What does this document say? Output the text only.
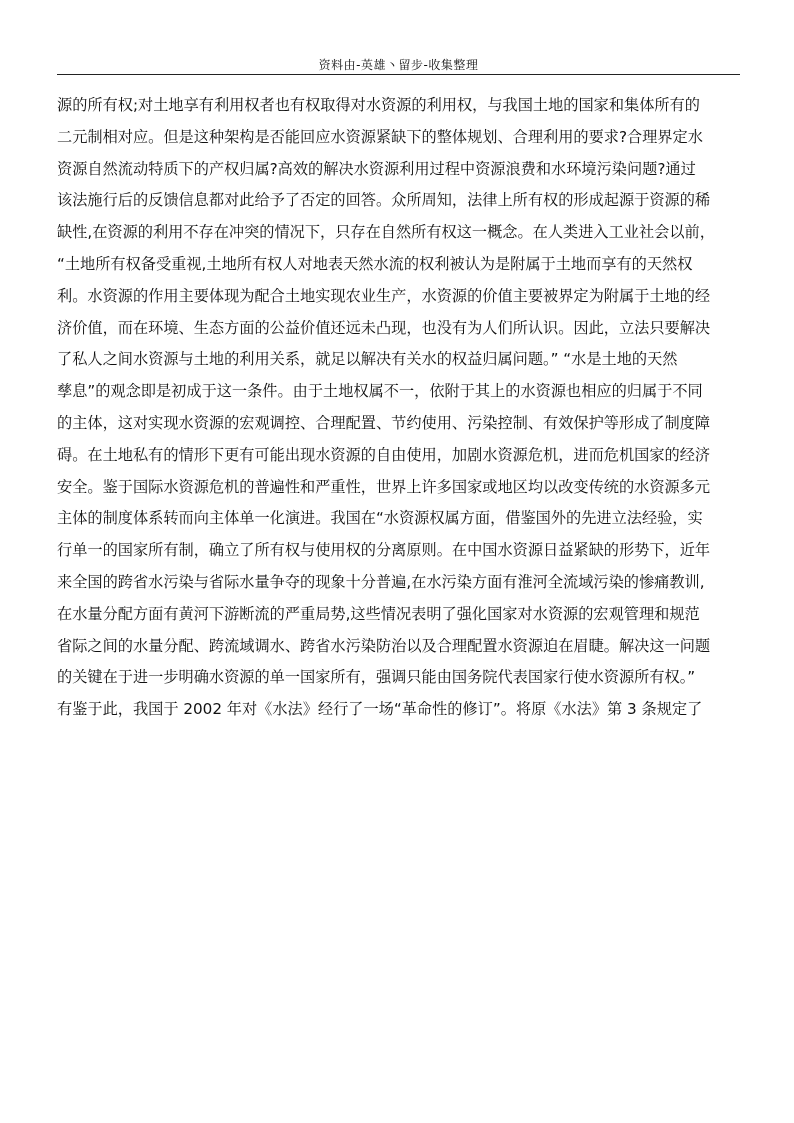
资料由-英雄丶留步-收集整理
源的所有权;对土地享有利用权者也有权取得对水资源的利用权，与我国土地的国家和集体所有的
二元制相对应。但是这种架构是否能回应水资源紧缺下的整体规划、合理利用的要求?合理界定水
资源自然流动特质下的产权归属?高效的解决水资源利用过程中资源浪费和水环境污染问题?通过
该法施行后的反馈信息都对此给予了否定的回答。众所周知，法律上所有权的形成起源于资源的稀
缺性,在资源的利用不存在冲突的情况下，只存在自然所有权这一概念。在人类进入工业社会以前，
“土地所有权备受重视,土地所有权人对地表天然水流的权利被认为是附属于土地而享有的天然权
利。水资源的作用主要体现为配合土地实现农业生产，水资源的价值主要被界定为附属于土地的经
济价值，而在环境、生态方面的公益价值还远未凸现，也没有为人们所认识。因此，立法只要解决
了私人之间水资源与土地的利用关系，就足以解决有关水的权益归属问题。” “水是土地的天然
孳息”的观念即是初成于这一条件。由于土地权属不一，依附于其上的水资源也相应的归属于不同
的主体，这对实现水资源的宏观调控、合理配置、节约使用、污染控制、有效保护等形成了制度障
碍。在土地私有的情形下更有可能出现水资源的自由使用，加剧水资源危机，进而危机国家的经济
安全。鉴于国际水资源危机的普遍性和严重性，世界上许多国家或地区均以改变传统的水资源多元
主体的制度体系转而向主体单一化演进。我国在“水资源权属方面，借鉴国外的先进立法经验，实
行单一的国家所有制，确立了所有权与使用权的分离原则。在中国水资源日益紧缺的形势下，近年
来全国的跨省水污染与省际水量争夺的现象十分普遍,在水污染方面有淮河全流域污染的惨痛教训,
在水量分配方面有黄河下游断流的严重局势,这些情况表明了强化国家对水资源的宏观管理和规范
省际之间的水量分配、跨流域调水、跨省水污染防治以及合理配置水资源迫在眉睫。解决这一问题
的关键在于进一步明确水资源的单一国家所有，强调只能由国务院代表国家行使水资源所有权。”
有鉴于此，我国于 2002 年对《水法》经行了一场“革命性的修订”。将原《水法》第 3 条规定了
